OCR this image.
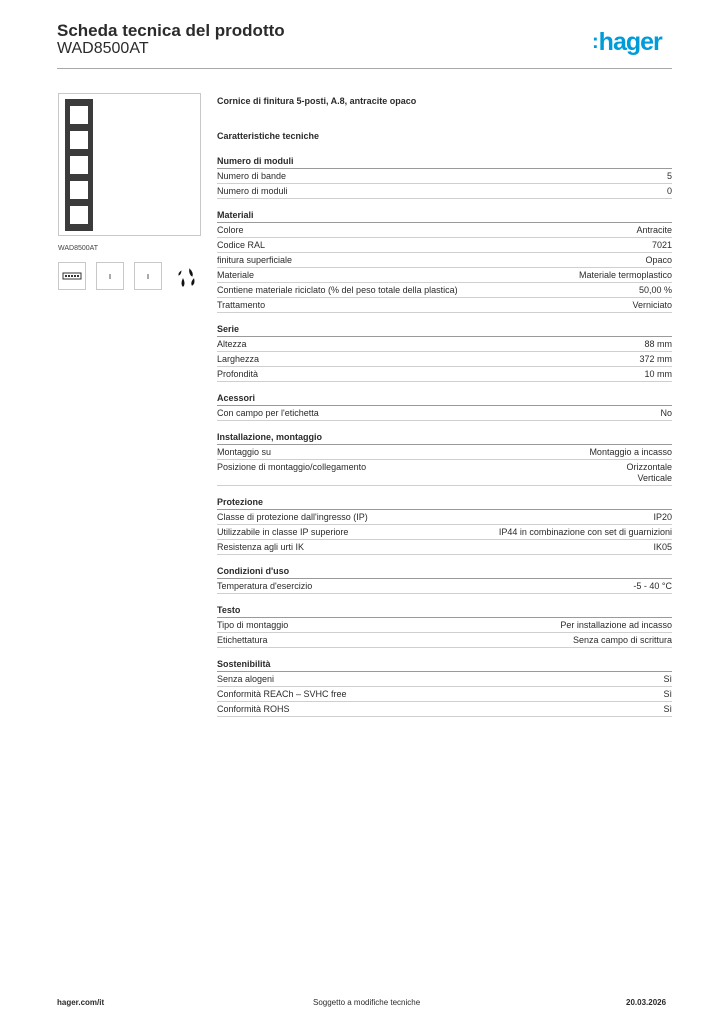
Scheda tecnica del prodotto
WAD8500AT	:hager
WAD8500AT
Cornice di finitura 5-posti, A.8, antracite opaco
Caratteristiche tecniche
Numero di moduli
Numero di bande	5
Numero di moduli	0
Materiali
Colore	Antracite
Codice RAL	7021
finitura superficiale	Opaco
Materiale	Materiale termoplastico
Contiene materiale riciclato (% del peso totale della plastica)	50,00 %
Trattamento	Verniciato
Serie
Altezza	88 mm
Larghezza	372 mm
Profondità	10 mm
Acessori
Con campo per l'etichetta	No
Installazione, montaggio
Montaggio su	Montaggio a incasso
Posizione di montaggio/collegamento	Orizzontale
Verticale
Protezione
Classe di protezione dall'ingresso (IP)	IP20
Utilizzabile in classe IP superiore	IP44 in combinazione con set di guarnizioni
Resistenza agli urti IK	IK05
Condizioni d'uso
Temperatura d'esercizio	-5 - 40 °C
Testo
Tipo di montaggio	Per installazione ad incasso
Etichettatura	Senza campo di scrittura
Sostenibilità
Senza alogeni	Sì
Conformità REACh – SVHC free	Sì
Conformità ROHS	Sì
hager.com/it	Soggetto a modifiche tecniche	20.03.2026
